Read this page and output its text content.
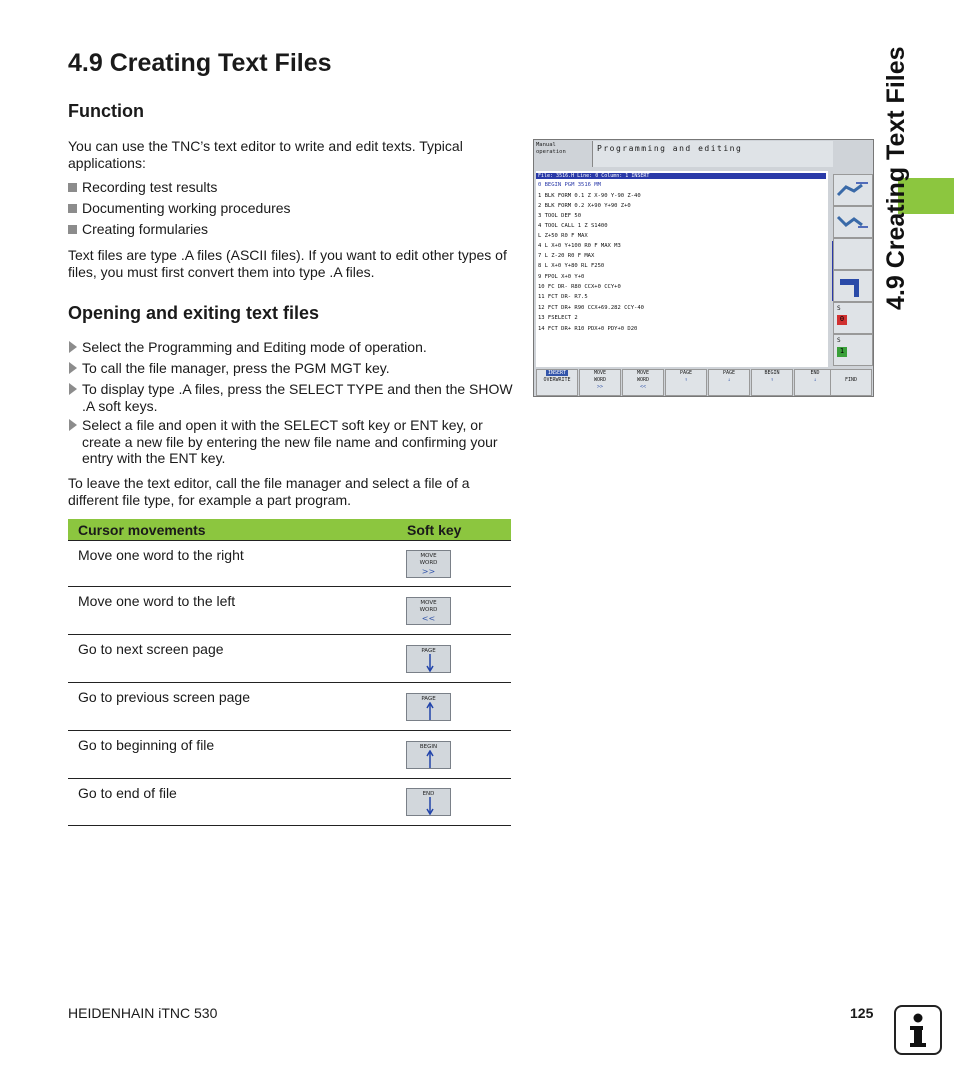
4.9 Creating Text Files	4.9 Creating Text Files
Function

You can use the TNC’s text editor to write and edit texts. Typical applications:

Recording test results
Documenting working procedures
Creating formularies

Text files are type .A files (ASCII files). If you want to edit other types of files, you must first convert them into type .A files.

Opening and exiting text files
Select the Programming and Editing mode of operation.
To call the file manager, press the PGM MGT key.
To display type .A files, press the SELECT TYPE and then the SHOW .A soft keys.
Select a file and open it with the SELECT soft key or ENT key, or create a new file by entering the new file name and confirming your entry with the ENT key.

To leave the text editor, call the file manager and select a file of a different file type, for example a part program.

Cursor movements	Soft key
Move one word to the right	MOVE
WORD
>>
Move one word to the left	MOVE
WORD
<<
Go to next screen page	PAGE
Go to previous screen page	PAGE
Go to beginning of file	BEGIN
Go to end of file	END
Manual
operation	Programming and editing
File: 3516.H Line: 0 Column: 1 INSERT
0 BEGIN PGM 3516 MM
1 BLK FORM 0.1 Z X-90 Y-90 Z-40
2 BLK FORM 0.2 X+90 Y+90 Z+0
3 TOOL DEF 50
4 TOOL CALL 1 Z S1400
L Z+50 R0 F MAX
4 L X+0 Y+100 R0 F MAX M3
7 L Z-20 R0 F MAX
8 L X+0 Y+80 RL F250
9 FPOL X+0 Y+0
10 FC DR- R80 CCX+0 CCY+0
11 FCT DR- R7.5
12 FCT DR+ R90 CCX+69.282 CCY-40
13 FSELECT 2
14 FCT DR+ R10 PDX+0 PDY+0 D20
S
0
S
1
INSERT
OVERWRITE
MOVE
WORD
>>
MOVE
WORD
<<
PAGE
↑
PAGE
↓
BEGIN
↑
END
↓	FIND
HEIDENHAIN iTNC 530	125
